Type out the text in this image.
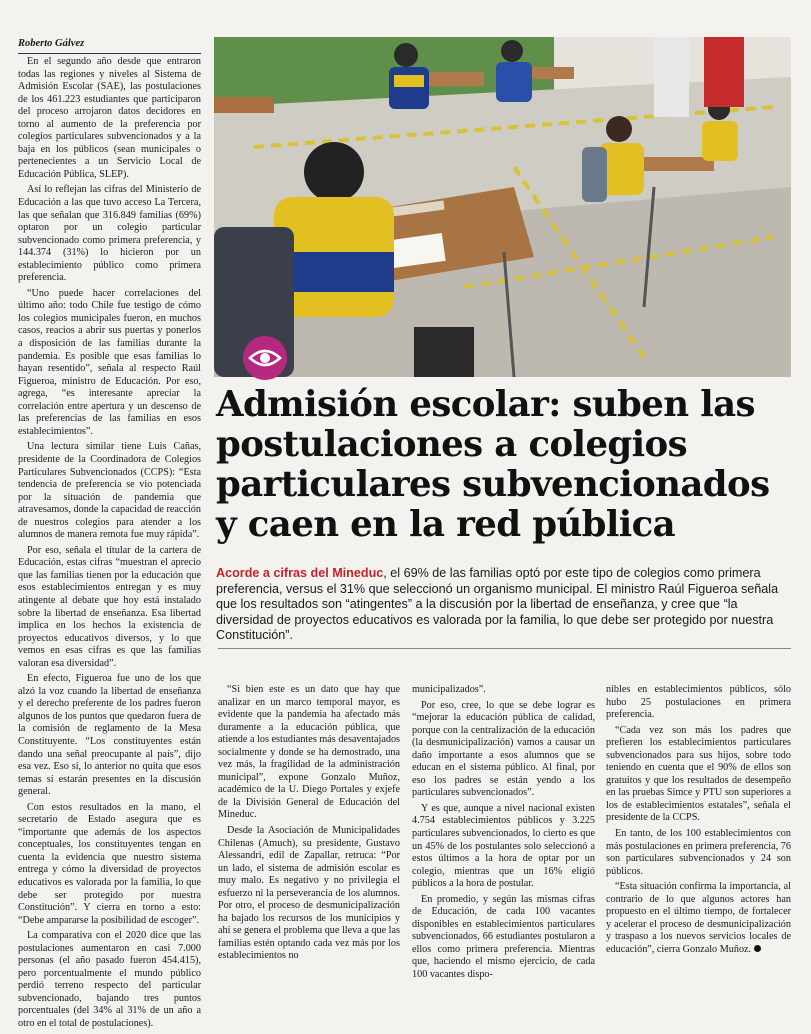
Roberto Gálvez

En el segundo año desde que entraron todas las regiones y niveles al Sistema de Admisión Escolar (SAE), las postulaciones de los 461.223 estudiantes que participaron del proceso arrojaron datos decidores en torno al aumento de la preferencia por colegios particulares subvencionados y a la baja en los públicos (sean municipales o pertenecientes a un Servicio Local de Educación Pública, SLEP).

Así lo reflejan las cifras del Ministerio de Educación a las que tuvo acceso La Tercera, las que señalan que 316.849 familias (69%) optaron por un colegio particular subvencionado como primera preferencia, y 144.374 (31%) lo hicieron por un establecimiento público como primera preferencia.

“Uno puede hacer correlaciones del último año: todo Chile fue testigo de cómo los colegios municipales fueron, en muchos casos, reacios a abrir sus puertas y ponerlos a disposición de las familias durante la pandemia. Es posible que esas familias lo hayan resentido”, señala al respecto Raúl Figueroa, ministro de Educación. Por eso, agrega, “es interesante apreciar la correlación entre apertura y un descenso de las preferencias de las familias en esos establecimientos”.

Una lectura similar tiene Luis Cañas, presidente de la Coordinadora de Colegios Particulares Subvencionados (CCPS): “Esta tendencia de preferencia se vio potenciada por la situación de pandemia que atravesamos, donde la capacidad de reacción de nuestros colegios para atender a los alumnos de manera remota fue muy rápida”.

Por eso, señala el titular de la cartera de Educación, estas cifras “muestran el aprecio que las familias tienen por la educación que esos establecimientos entregan y es muy atingente al debate que hoy está instalado sobre la libertad de enseñanza. Esa libertad implica en los hechos la existencia de proyectos educativos diversos, y lo que vemos en esas cifras es que las familias valoran esa diversidad”.

En efecto, Figueroa fue uno de los que alzó la voz cuando la libertad de enseñanza y el derecho preferente de los padres fueron algunos de los puntos que quedaron fuera de la comisión de reglamento de la Mesa Constituyente. “Los constituyentes están dando una señal preocupante al país”, dijo esa vez. Eso sí, lo anterior no quita que esos temas sí estarán presentes en la discusión general.

Con estos resultados en la mano, el secretario de Estado asegura que es “importante que además de los aspectos conceptuales, los constituyentes tengan en cuenta la evidencia que nuestro sistema entrega y cómo la diversidad de proyectos educativos es valorada por la familia, lo que debe ser protegido por nuestra Constitución”. Y cierra en torno a esto: “Debe ampararse la posibilidad de escoger”.

La comparativa con el 2020 dice que las postulaciones aumentaron en casi 7.000 personas (el año pasado fueron 454.415), pero porcentualmente el mundo público perdió terreno respecto del particular subvencionado, bajando tres puntos porcentuales (del 34% al 31% de un año a otro en el total de postulaciones).

Admisión escolar: suben las postulaciones a colegios particulares subvencionados y caen en la red pública
Acorde a cifras del Mineduc, el 69% de las familias optó por este tipo de colegios como primera preferencia, versus el 31% que seleccionó un organismo municipal. El ministro Raúl Figueroa señala que los resultados son “atingentes” a la discusión por la libertad de enseñanza, y cree que “la diversidad de proyectos educativos es valorada por la familia, lo que debe ser protegido por nuestra Constitución”.

“Si bien este es un dato que hay que analizar en un marco temporal mayor, es evidente que la pandemia ha afectado más duramente a la educación pública, que atiende a los estudiantes más desaventajados socialmente y donde se ha demostrado, una vez más, la fragilidad de la administración municipal”, expone Gonzalo Muñoz, académico de la U. Diego Portales y exjefe de la División General de Educación del Mineduc.

Desde la Asociación de Municipalidades Chilenas (Amuch), su presidente, Gustavo Alessandri, edil de Zapallar, retruca: “Por un lado, el sistema de admisión escolar es muy malo. Es negativo y no privilegia el esfuerzo ni la perseverancia de los alumnos. Por otro, el proceso de desmunicipalización ha bajado los recursos de los municipios y ahí se genera el problema que lleva a que las familias estén optando cada vez más por los establecimientos no

municipalizados”.

Por eso, cree, lo que se debe lograr es “mejorar la educación pública de calidad, porque con la centralización de la educación (la desmunicipalización) vamos a causar un daño importante a esos alumnos que se educan en el sistema público. Al final, por eso los padres se están yendo a los particulares subvencionados”.

Y es que, aunque a nivel nacional existen 4.754 establecimientos públicos y 3.225 particulares subvencionados, lo cierto es que un 45% de los postulantes solo seleccionó a estos últimos a la hora de optar por un colegio, mientras que un 16% eligió públicos a la hora de postular.

En promedio, y según las mismas cifras de Educación, de cada 100 vacantes disponibles en establecimientos particulares subvencionados, 66 estudiantes postularon a ellos como primera preferencia. Mientras que, haciendo el mismo ejercicio, de cada 100 vacantes dispo-

nibles en establecimientos públicos, sólo hubo 25 postulaciones en primera preferencia.

“Cada vez son más los padres que prefieren los establecimientos particulares subvencionados para sus hijos, sobre todo teniendo en cuenta que el 90% de ellos son gratuitos y que los resultados de desempeño en las pruebas Simce y PTU son superiores a los de establecimientos estatales”, señala el presidente de la CCPS.

En tanto, de los 100 establecimientos con más postulaciones en primera preferencia, 76 son particulares subvencionados y 24 son públicos.

“Esta situación confirma la importancia, al contrario de lo que algunos actores han propuesto en el último tiempo, de fortalecer y acelerar el proceso de desmunicipalización y traspaso a los nuevos servicios locales de educación”, cierra Gonzalo Muñoz.
